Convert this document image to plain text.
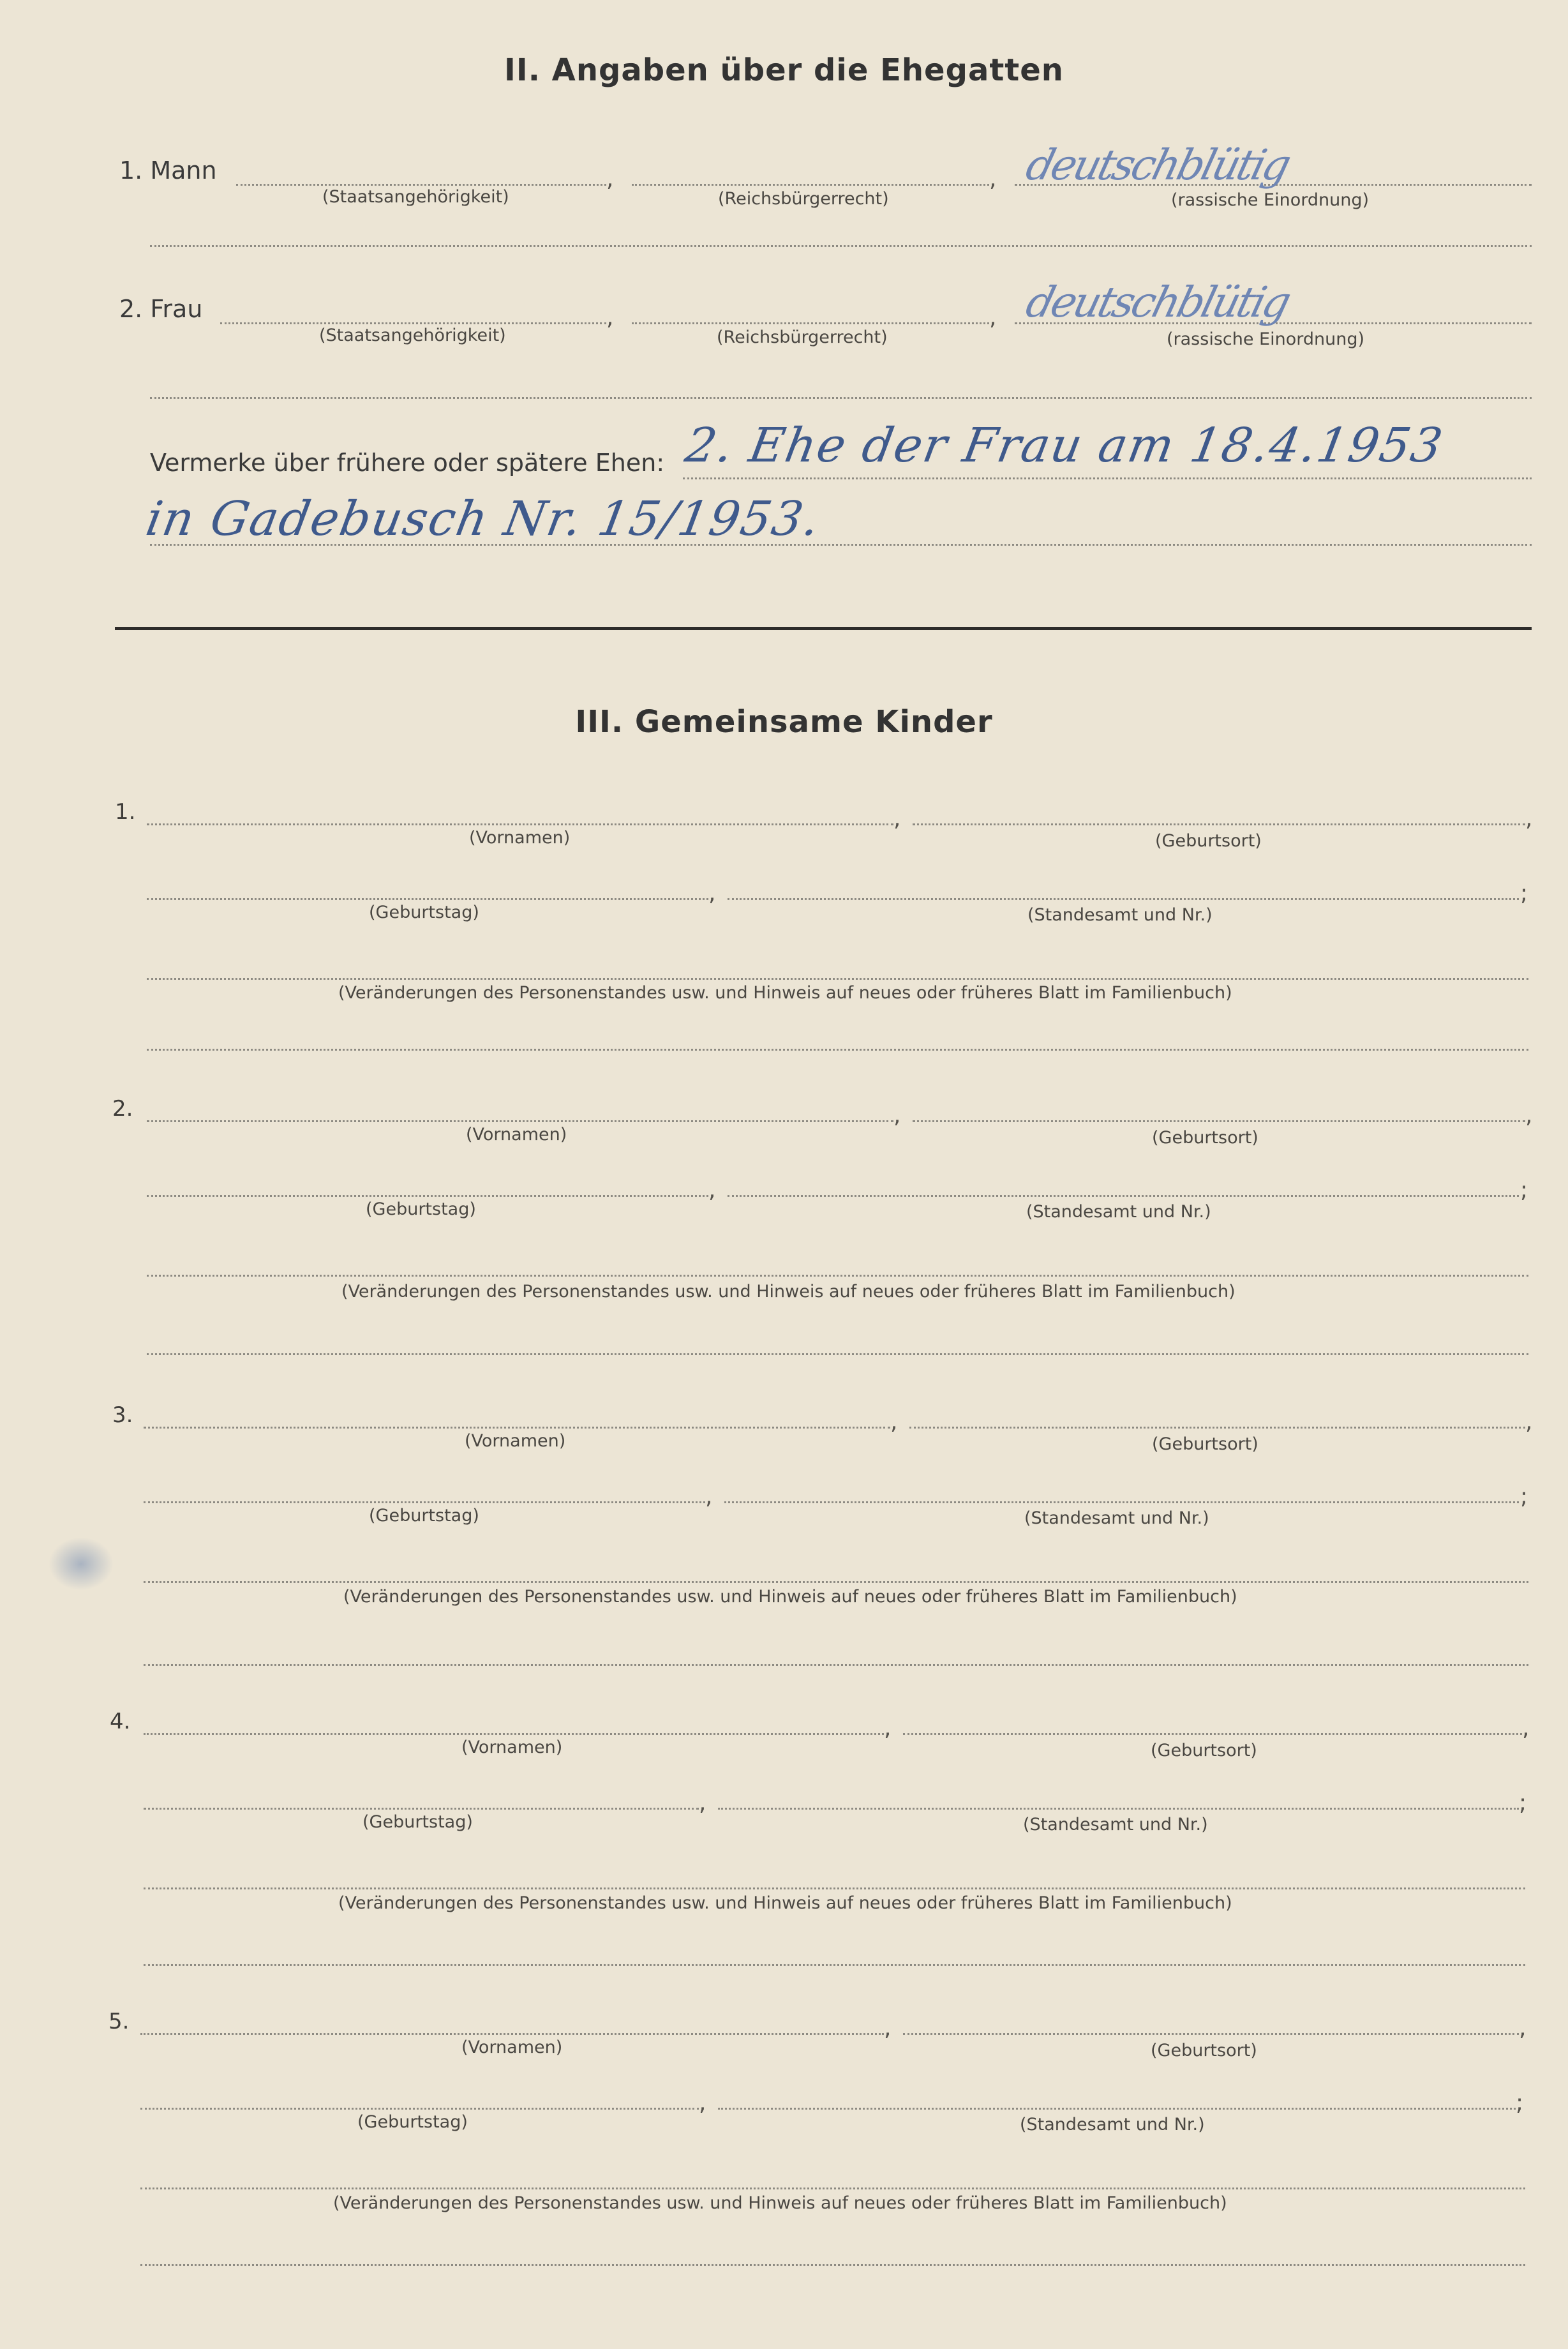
II. Angaben über die Ehegatten
1. Mann	,	, deutschblütig
(Staatsangehörigkeit)	(Reichsbürgerrecht)	(rassische Einordnung)
2. Frau	,	, deutschblütig
(Staatsangehörigkeit)	(Reichsbürgerrecht)	(rassische Einordnung)
Vermerke über frühere oder spätere Ehen: 2. Ehe der Frau am 18.4.1953
in Gadebusch Nr. 15/1953.
III. Gemeinsame Kinder
1.	,	,
(Vornamen)	(Geburtsort)
,	;
(Geburtstag)	(Standesamt und Nr.)
(Veränderungen des Personenstandes usw. und Hinweis auf neues oder früheres Blatt im Familienbuch)
2.	,	,
(Vornamen)	(Geburtsort)
,	;
(Geburtstag)	(Standesamt und Nr.)
(Veränderungen des Personenstandes usw. und Hinweis auf neues oder früheres Blatt im Familienbuch)
3.	,	,
(Vornamen)	(Geburtsort)
,	;
(Geburtstag)	(Standesamt und Nr.)
(Veränderungen des Personenstandes usw. und Hinweis auf neues oder früheres Blatt im Familienbuch)
4.	,	,
(Vornamen)	(Geburtsort)
,	;
(Geburtstag)	(Standesamt und Nr.)
(Veränderungen des Personenstandes usw. und Hinweis auf neues oder früheres Blatt im Familienbuch)
5.	,	,
(Vornamen)	(Geburtsort)
,	;
(Geburtstag)	(Standesamt und Nr.)
(Veränderungen des Personenstandes usw. und Hinweis auf neues oder früheres Blatt im Familienbuch)
